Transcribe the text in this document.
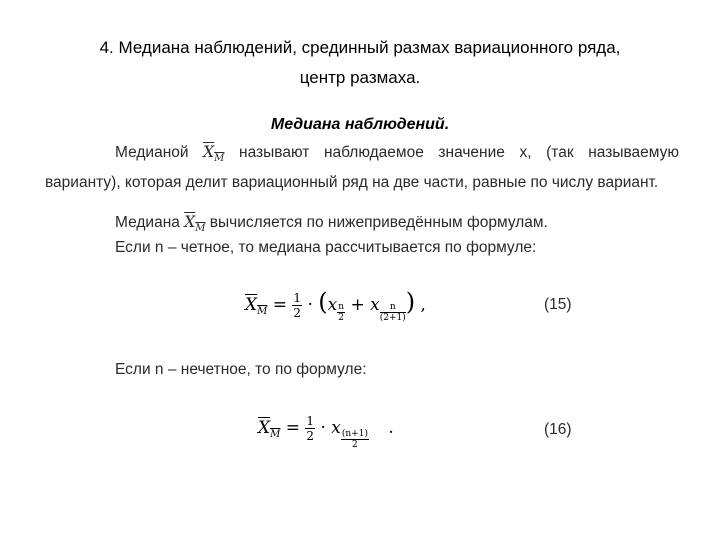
4. Медиана наблюдений, срединный размах вариационного ряда,
центр размаха.
Медиана наблюдений.
Медианой $X_M$ называют наблюдаемое значение x, (так называемую варианту), которая делит вариационный ряд на две части, равные по числу вариант.
Медиана $X_M$ вычисляется по нижеприведённым формулам.
Если n – четное, то медиана рассчитывается по формуле:
$X_M = \frac{1}{2} \cdot (x \frac{n}{2} + x \frac{n}{(2+1)}$ ) ,	(15)
Если n – нечетное, то по формуле:
$X_M = \frac{1}{2} \cdot x$
$\frac{(n+1)}{2}$
.	(16)
